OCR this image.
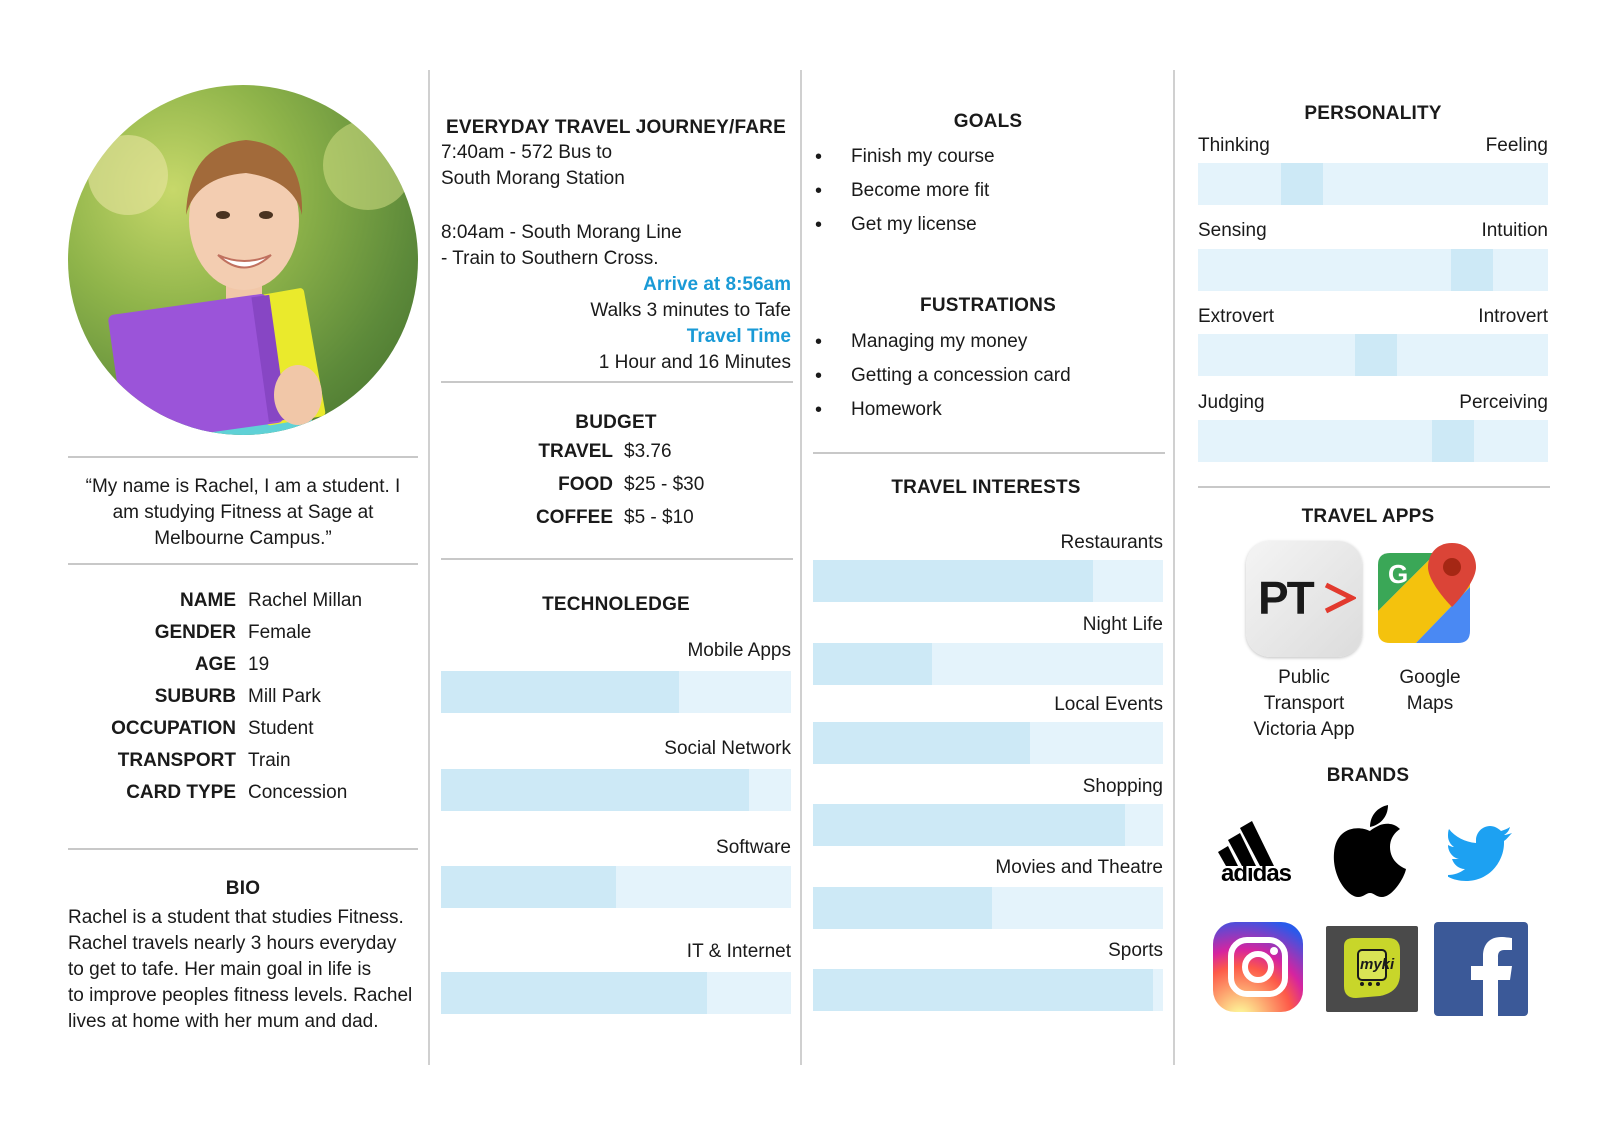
“My name is Rachel, I am a student. I am studying Fitness at Sage at Melbourne Campus.”
NAME Rachel Millan
GENDER Female
AGE 19
SUBURB Mill Park
OCCUPATION Student
TRANSPORT Train
CARD TYPE Concession
BIO
Rachel is a student that studies Fitness.
Rachel travels nearly 3 hours everyday
to get to tafe. Her main goal in life is
to improve peoples fitness levels. Rachel
lives at home with her mum and dad.
EVERYDAY TRAVEL JOURNEY/FARE
7:40am - 572 Bus to
South Morang Station
8:04am - South Morang Line
- Train to Southern Cross.
Arrive at 8:56am
Walks 3 minutes to Tafe
Travel Time
1 Hour and 16 Minutes
BUDGET
TRAVEL $3.76
FOOD $25 - $30
COFFEE $5 - $10
TECHNOLEDGE
Mobile Apps
Social Network
Software
IT & Internet
GOALS
• Finish my course
• Become more fit
• Get my license
FUSTRATIONS
• Managing my money
• Getting a concession card
• Homework
TRAVEL INTERESTS
Restaurants
Night Life
Local Events
Shopping
Movies and Theatre
Sports
PERSONALITY
Thinking	Feeling
Sensing	Intuition
Extrovert	Introvert
Judging	Perceiving
TRAVEL APPS
PT
Public
Transport
Victoria App
G
Google
Maps
BRANDS
adidas
myki
